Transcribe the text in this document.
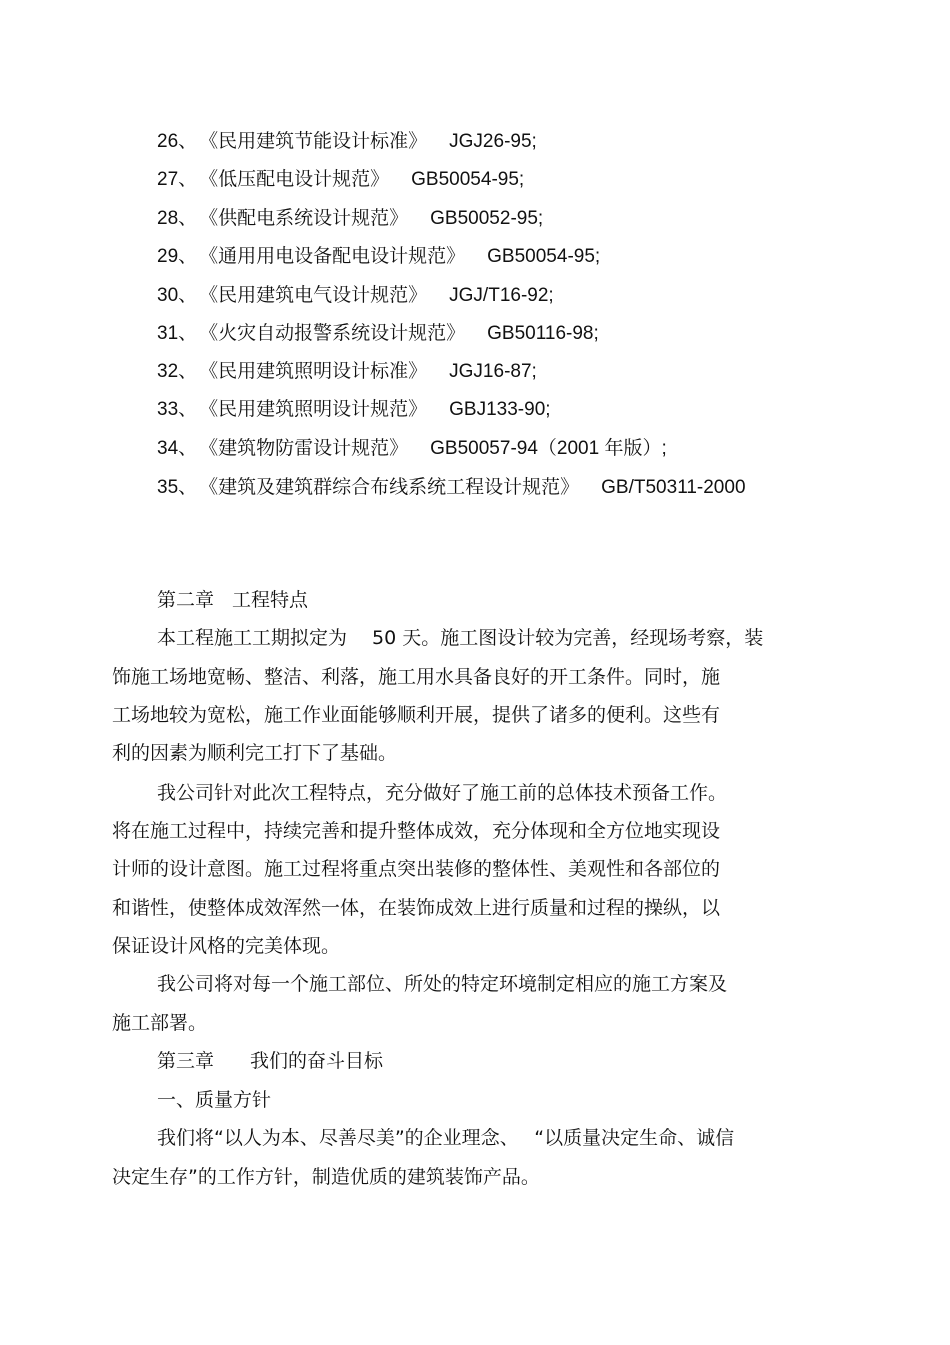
26、 《民用建筑节能设计标准》 JGJ26-95;
27、 《低压配电设计规范》 GB50054-95;
28、 《供配电系统设计规范》 GB50052-95;
29、 《通用用电设备配电设计规范》 GB50054-95;
30、 《民用建筑电气设计规范》 JGJ/T16-92;
31、 《火灾自动报警系统设计规范》 GB50116-98;
32、 《民用建筑照明设计标准》 JGJ16-87;
33、 《民用建筑照明设计规范》 GBJ133-90;
34、 《建筑物防雷设计规范》 GB50057-94（2001 年版）;
35、 《建筑及建筑群综合布线系统工程设计规范》 GB/T50311-2000
第二章 工程特点
本工程施工工期拟定为　 50 天。施工图设计较为完善，经现场考察，装
饰施工场地宽畅、整洁、利落，施工用水具备良好的开工条件。同时，施
工场地较为宽松，施工作业面能够顺利开展，提供了诸多的便利。这些有
利的因素为顺利完工打下了基础。
我公司针对此次工程特点，充分做好了施工前的总体技术预备工作。
将在施工过程中，持续完善和提升整体成效，充分体现和全方位地实现设
计师的设计意图。施工过程将重点突出装修的整体性、美观性和各部位的
和谐性，使整体成效浑然一体，在装饰成效上进行质量和过程的操纵，以
保证设计风格的完美体现。
我公司将对每一个施工部位、所处的特定环境制定相应的施工方案及
施工部署。
第三章 我们的奋斗目标
一、质量方针
我们将“以人为本、尽善尽美”的企业理念、　 “以质量决定生命、诚信
决定生存”的工作方针，制造优质的建筑装饰产品。
